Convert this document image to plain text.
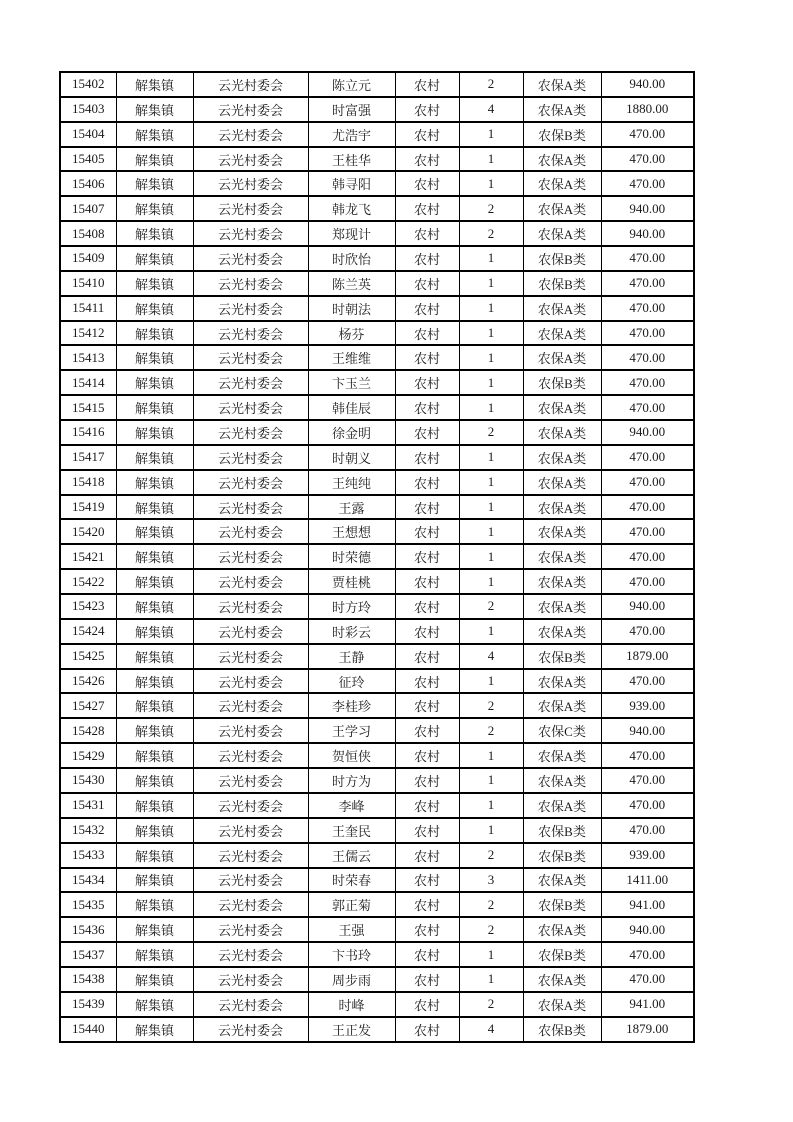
15402	解集镇	云光村委会	陈立元	农村	2	农保A类	940.00
15403	解集镇	云光村委会	时富强	农村	4	农保A类	1880.00
15404	解集镇	云光村委会	尤浩宇	农村	1	农保B类	470.00
15405	解集镇	云光村委会	王桂华	农村	1	农保A类	470.00
15406	解集镇	云光村委会	韩寻阳	农村	1	农保A类	470.00
15407	解集镇	云光村委会	韩龙飞	农村	2	农保A类	940.00
15408	解集镇	云光村委会	郑现计	农村	2	农保A类	940.00
15409	解集镇	云光村委会	时欣怡	农村	1	农保B类	470.00
15410	解集镇	云光村委会	陈兰英	农村	1	农保B类	470.00
15411	解集镇	云光村委会	时朝法	农村	1	农保A类	470.00
15412	解集镇	云光村委会	杨芬	农村	1	农保A类	470.00
15413	解集镇	云光村委会	王维维	农村	1	农保A类	470.00
15414	解集镇	云光村委会	卞玉兰	农村	1	农保B类	470.00
15415	解集镇	云光村委会	韩佳辰	农村	1	农保A类	470.00
15416	解集镇	云光村委会	徐金明	农村	2	农保A类	940.00
15417	解集镇	云光村委会	时朝义	农村	1	农保A类	470.00
15418	解集镇	云光村委会	王纯纯	农村	1	农保A类	470.00
15419	解集镇	云光村委会	王露	农村	1	农保A类	470.00
15420	解集镇	云光村委会	王想想	农村	1	农保A类	470.00
15421	解集镇	云光村委会	时荣德	农村	1	农保A类	470.00
15422	解集镇	云光村委会	贾桂桃	农村	1	农保A类	470.00
15423	解集镇	云光村委会	时方玲	农村	2	农保A类	940.00
15424	解集镇	云光村委会	时彩云	农村	1	农保A类	470.00
15425	解集镇	云光村委会	王静	农村	4	农保B类	1879.00
15426	解集镇	云光村委会	征玲	农村	1	农保A类	470.00
15427	解集镇	云光村委会	李桂珍	农村	2	农保A类	939.00
15428	解集镇	云光村委会	王学习	农村	2	农保C类	940.00
15429	解集镇	云光村委会	贺恒侠	农村	1	农保A类	470.00
15430	解集镇	云光村委会	时方为	农村	1	农保A类	470.00
15431	解集镇	云光村委会	李峰	农村	1	农保A类	470.00
15432	解集镇	云光村委会	王奎民	农村	1	农保B类	470.00
15433	解集镇	云光村委会	王儒云	农村	2	农保B类	939.00
15434	解集镇	云光村委会	时荣春	农村	3	农保A类	1411.00
15435	解集镇	云光村委会	郭正菊	农村	2	农保B类	941.00
15436	解集镇	云光村委会	王强	农村	2	农保A类	940.00
15437	解集镇	云光村委会	卞书玲	农村	1	农保B类	470.00
15438	解集镇	云光村委会	周步雨	农村	1	农保A类	470.00
15439	解集镇	云光村委会	时峰	农村	2	农保A类	941.00
15440	解集镇	云光村委会	王正发	农村	4	农保B类	1879.00
